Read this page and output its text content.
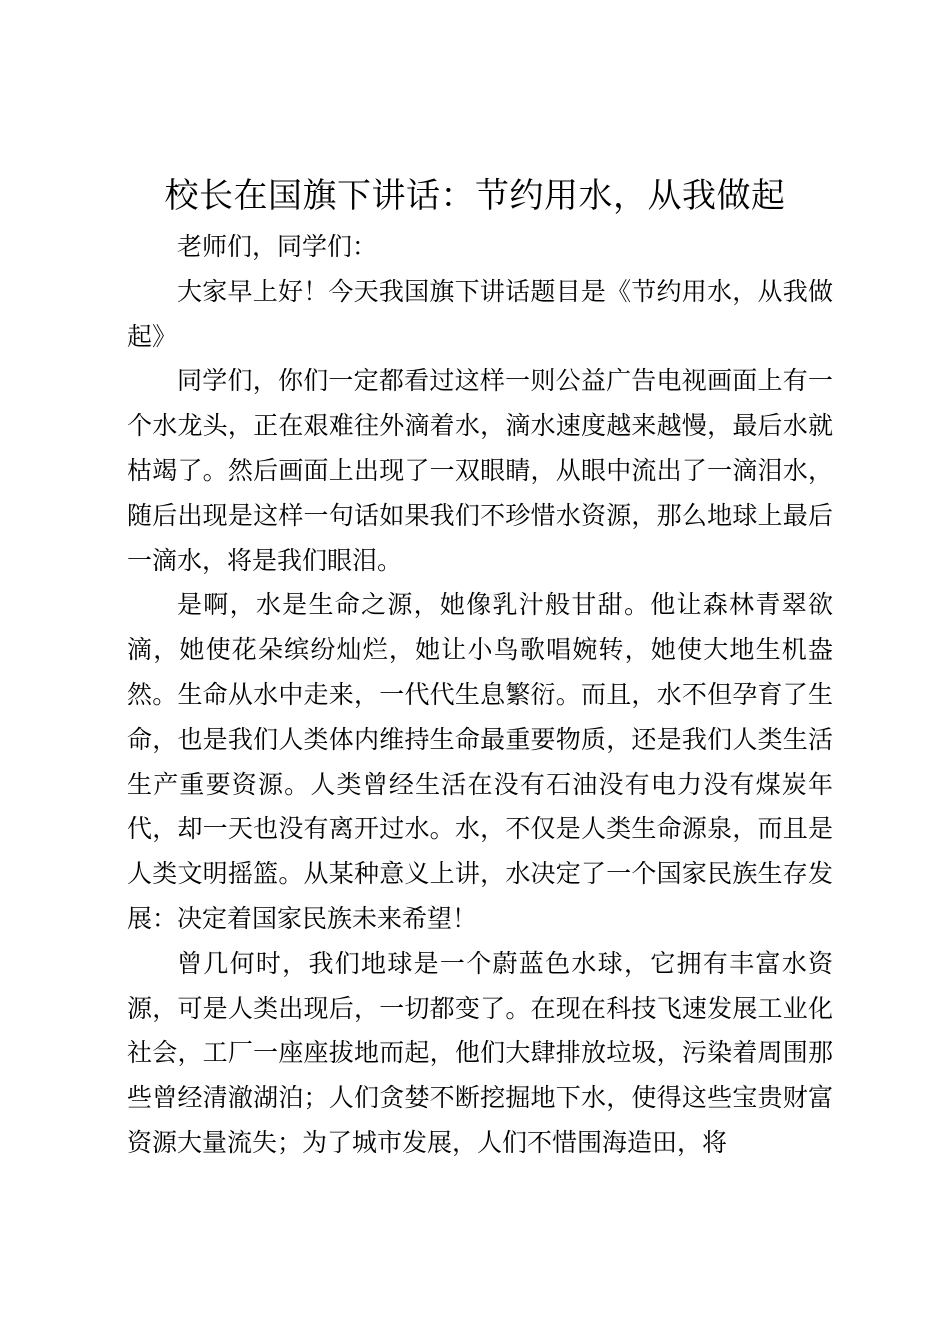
校长在国旗下讲话：节约用水，从我做起

老师们，同学们：

大家早上好！今天我国旗下讲话题目是《节约用水，从我做起》

同学们，你们一定都看过这样一则公益广告电视画面上有一个水龙头，正在艰难往外滴着水，滴水速度越来越慢，最后水就枯竭了。然后画面上出现了一双眼睛，从眼中流出了一滴泪水，随后出现是这样一句话如果我们不珍惜水资源，那么地球上最后一滴水，将是我们眼泪。

是啊，水是生命之源，她像乳汁般甘甜。他让森林青翠欲滴，她使花朵缤纷灿烂，她让小鸟歌唱婉转，她使大地生机盎然。生命从水中走来，一代代生息繁衍。而且，水不但孕育了生命，也是我们人类体内维持生命最重要物质，还是我们人类生活生产重要资源。人类曾经生活在没有石油没有电力没有煤炭年代，却一天也没有离开过水。水，不仅是人类生命源泉，而且是人类文明摇篮。从某种意义上讲，水决定了一个国家民族生存发展：决定着国家民族未来希望！

曾几何时，我们地球是一个蔚蓝色水球，它拥有丰富水资源，可是人类出现后，一切都变了。在现在科技飞速发展工业化社会，工厂一座座拔地而起，他们大肆排放垃圾，污染着周围那些曾经清澈湖泊；人们贪婪不断挖掘地下水，使得这些宝贵财富资源大量流失；为了城市发展，人们不惜围海造田，将
